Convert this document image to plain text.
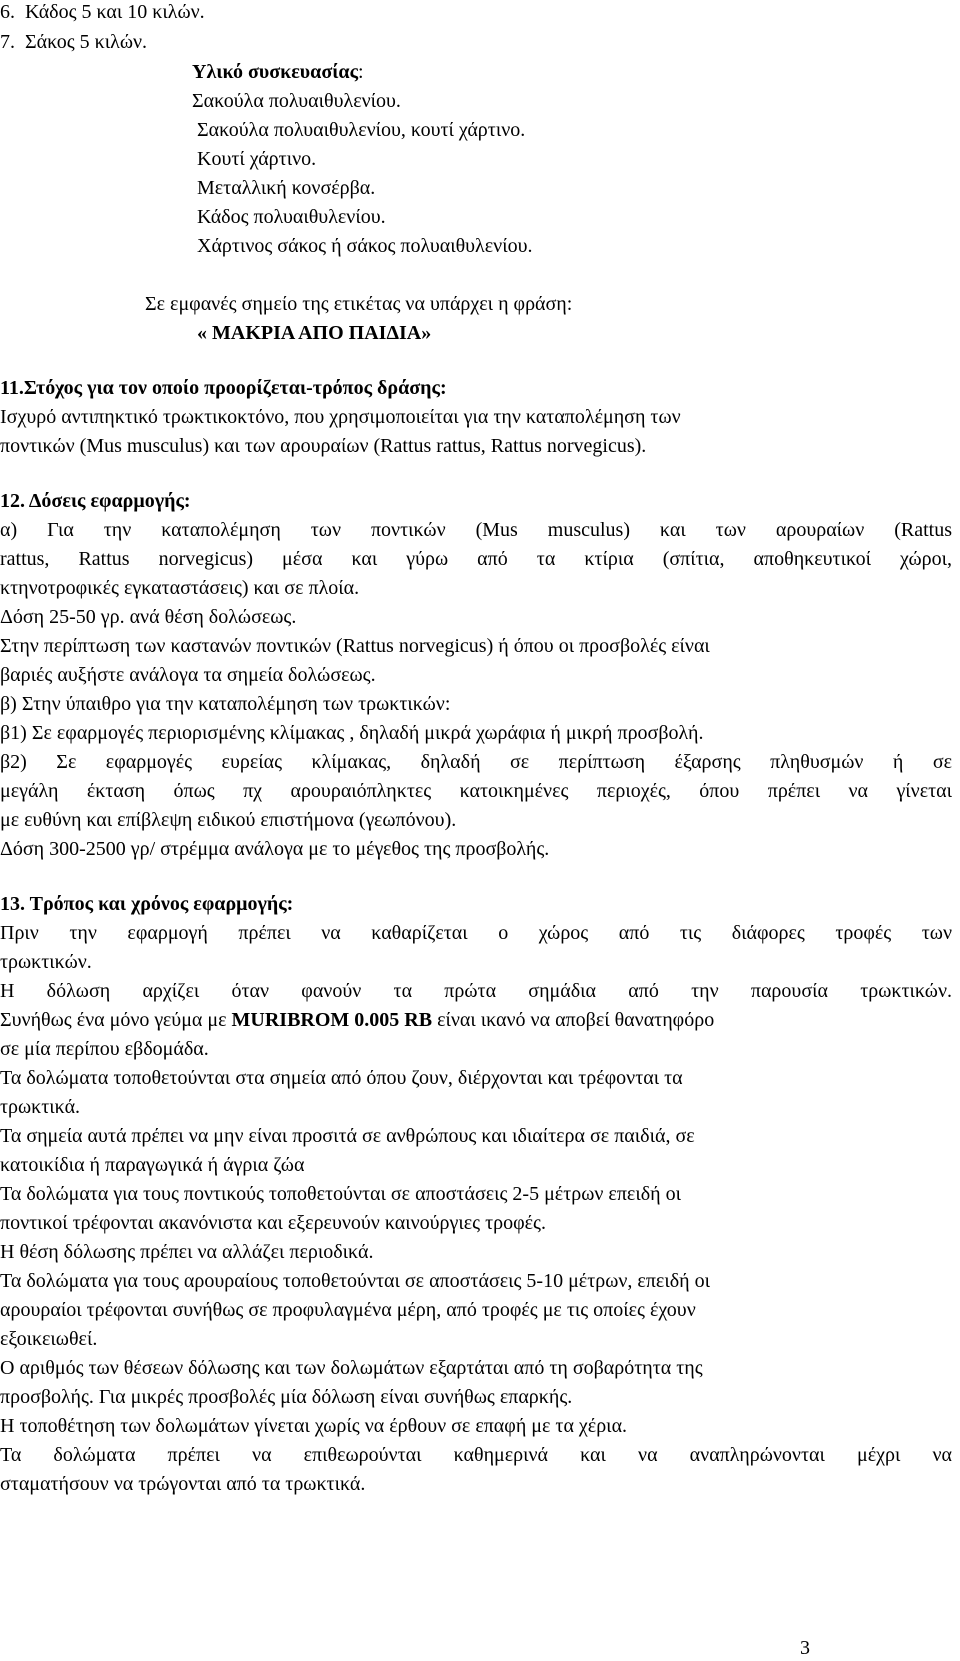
6.  Κάδος 5 και 10 κιλών.
7.  Σάκος 5 κιλών.
Υλικό συσκευασίας:
Σακούλα πολυαιθυλενίου.
Σακούλα πολυαιθυλενίου, κουτί χάρτινο.
Κουτί χάρτινο.
Μεταλλική κονσέρβα.
Κάδος πολυαιθυλενίου.
Χάρτινος σάκος ή σάκος πολυαιθυλενίου.
Σε εμφανές σημείο της ετικέτας να υπάρχει η φράση:
« ΜΑΚΡΙΑ ΑΠΟ ΠΑΙΔΙΑ»
11.Στόχος για τον οποίο προορίζεται-τρόπος δράσης:
Ισχυρό αντιπηκτικό τρωκτικοκτόνο, που χρησιμοποιείται για την καταπολέμηση των
ποντικών (Mus musculus) και των αρουραίων (Rattus rattus, Rattus norvegicus).
12. Δόσεις εφαρμογής:
α) Για την καταπολέμηση των ποντικών (Mus musculus) και των αρουραίων (Rattus
rattus, Rattus norvegicus) μέσα και γύρω από τα κτίρια (σπίτια, αποθηκευτικοί χώροι,
κτηνοτροφικές εγκαταστάσεις) και σε πλοία.
Δόση 25-50 γρ. ανά θέση δολώσεως.
Στην περίπτωση των καστανών ποντικών (Rattus norvegicus) ή όπου οι προσβολές είναι
βαριές αυξήστε ανάλογα τα σημεία δολώσεως.
β) Στην ύπαιθρο για την καταπολέμηση των τρωκτικών:
β1) Σε εφαρμογές περιορισμένης κλίμακας , δηλαδή μικρά χωράφια ή μικρή προσβολή.
β2) Σε εφαρμογές ευρείας κλίμακας, δηλαδή σε περίπτωση έξαρσης πληθυσμών ή σε
μεγάλη έκταση όπως πχ αρουραιόπληκτες κατοικημένες περιοχές, όπου πρέπει να γίνεται
με ευθύνη και επίβλεψη ειδικού επιστήμονα (γεωπόνου).
Δόση 300-2500 γρ/ στρέμμα ανάλογα με το μέγεθος της προσβολής.
13. Τρόπος και χρόνος εφαρμογής:
Πριν την εφαρμογή πρέπει να καθαρίζεται ο χώρος από τις διάφορες τροφές των
τρωκτικών.
Η δόλωση αρχίζει όταν φανούν τα πρώτα σημάδια από την παρουσία τρωκτικών.
Συνήθως ένα μόνο γεύμα με MURIBROM 0.005 RB είναι ικανό να αποβεί θανατηφόρο
σε μία περίπου εβδομάδα.
Τα δολώματα τοποθετούνται στα σημεία από όπου ζουν, διέρχονται και τρέφονται τα
τρωκτικά.
Τα σημεία αυτά πρέπει να μην είναι προσιτά σε ανθρώπους και ιδιαίτερα σε παιδιά, σε
κατοικίδια ή παραγωγικά ή άγρια ζώα
Τα δολώματα για τους ποντικούς τοποθετούνται σε αποστάσεις 2-5 μέτρων επειδή οι
ποντικοί τρέφονται ακανόνιστα και εξερευνούν καινούργιες τροφές.
Η θέση δόλωσης πρέπει να αλλάζει περιοδικά.
Τα δολώματα για τους αρουραίους τοποθετούνται σε αποστάσεις 5-10 μέτρων, επειδή οι
αρουραίοι τρέφονται συνήθως σε προφυλαγμένα μέρη, από τροφές με τις οποίες έχουν
εξοικειωθεί.
Ο αριθμός των θέσεων δόλωσης και των δολωμάτων εξαρτάται από τη σοβαρότητα της
προσβολής. Για μικρές προσβολές μία δόλωση είναι συνήθως επαρκής.
Η τοποθέτηση των δολωμάτων γίνεται χωρίς να έρθουν σε επαφή με τα χέρια.
Τα δολώματα πρέπει να επιθεωρούνται καθημερινά και να αναπληρώνονται μέχρι να
σταματήσουν να τρώγονται από τα τρωκτικά.
3
